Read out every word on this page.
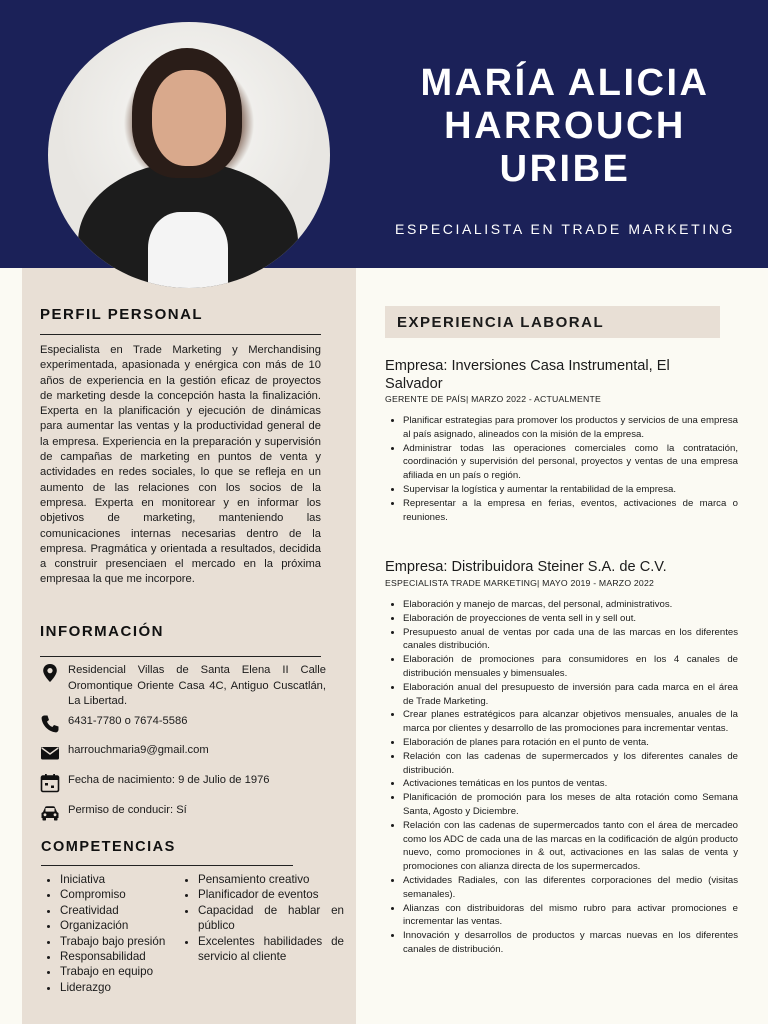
MARÍA ALICIA
HARROUCH
URIBE
ESPECIALISTA EN TRADE MARKETING
PERFIL PERSONAL
Especialista en Trade Marketing y Merchandising experimentada, apasionada y enérgica con más de 10 años de experiencia en la gestión eficaz de proyectos de marketing desde la concepción hasta la finalización. Experta en la planificación y ejecución de dinámicas para aumentar las ventas y la productividad general de la empresa. Experiencia en la preparación y supervisión de campañas de marketing en puntos de venta y actividades en redes sociales, lo que se refleja en un aumento de las relaciones con los socios de la empresa. Experta en monitorear y en informar los objetivos de marketing, manteniendo las comunicaciones internas necesarias dentro de la empresa. Pragmática y orientada a resultados, decidida a construir presenciaen el mercado en la próxima empresaa la que me incorpore.
INFORMACIÓN
Residencial Villas de Santa Elena II Calle Oromontique Oriente Casa 4C, Antiguo Cuscatlán, La Libertad.
6431-7780 o 7674-5586
harrouchmaria9@gmail.com
Fecha de nacimiento: 9 de Julio de 1976
Permiso de conducir: Sí
COMPETENCIAS
• Iniciativa
• Compromiso
• Creatividad
• Organización
• Trabajo bajo presión
• Responsabilidad
• Trabajo en equipo
• Liderazgo
• Pensamiento creativo
• Planificador de eventos
• Capacidad de hablar en público
• Excelentes habilidades de servicio al cliente
EXPERIENCIA LABORAL
Empresa: Inversiones Casa Instrumental, El Salvador
GERENTE DE PAÍS| MARZO 2022 - ACTUALMENTE
• Planificar estrategias para promover los productos y servicios de una empresa al país asignado, alineados con la misión de la empresa.
• Administrar todas las operaciones comerciales como la contratación, coordinación y supervisión del personal, proyectos y ventas de una empresa afiliada en un país o región.
• Supervisar la logística y aumentar la rentabilidad de la empresa.
• Representar a la empresa en ferias, eventos, activaciones de marca o reuniones.
Empresa: Distribuidora Steiner S.A. de C.V.
ESPECIALISTA TRADE MARKETING| MAYO 2019 - MARZO 2022
• Elaboración y manejo de marcas, del personal, administrativos.
• Elaboración de proyecciones de venta sell in y sell out.
• Presupuesto anual de ventas por cada una de las marcas en los diferentes canales distribución.
• Elaboración de promociones para consumidores en los 4 canales de distribución mensuales y bimensuales.
• Elaboración anual del presupuesto de inversión para cada marca en el área de Trade Marketing.
• Crear planes estratégicos para alcanzar objetivos mensuales, anuales de la marca por clientes y desarrollo de las promociones para incrementar ventas.
• Elaboración de planes para rotación en el punto de venta.
• Relación con las cadenas de supermercados y los diferentes canales de distribución.
• Activaciones temáticas en los puntos de ventas.
• Planificación de promoción para los meses de alta rotación como Semana Santa, Agosto y Diciembre.
• Relación con las cadenas de supermercados tanto con el área de mercadeo como los ADC de cada una de las marcas en la codificación de algún producto nuevo, como promociones in & out, activaciones en las salas de venta y promociones con alianza directa de los supermercados.
• Actividades Radiales, con las diferentes corporaciones del medio (visitas semanales).
• Alianzas con distribuidoras del mismo rubro para activar promociones e incrementar las ventas.
• Innovación y desarrollos de productos y marcas nuevas en los diferentes canales de distribución.
